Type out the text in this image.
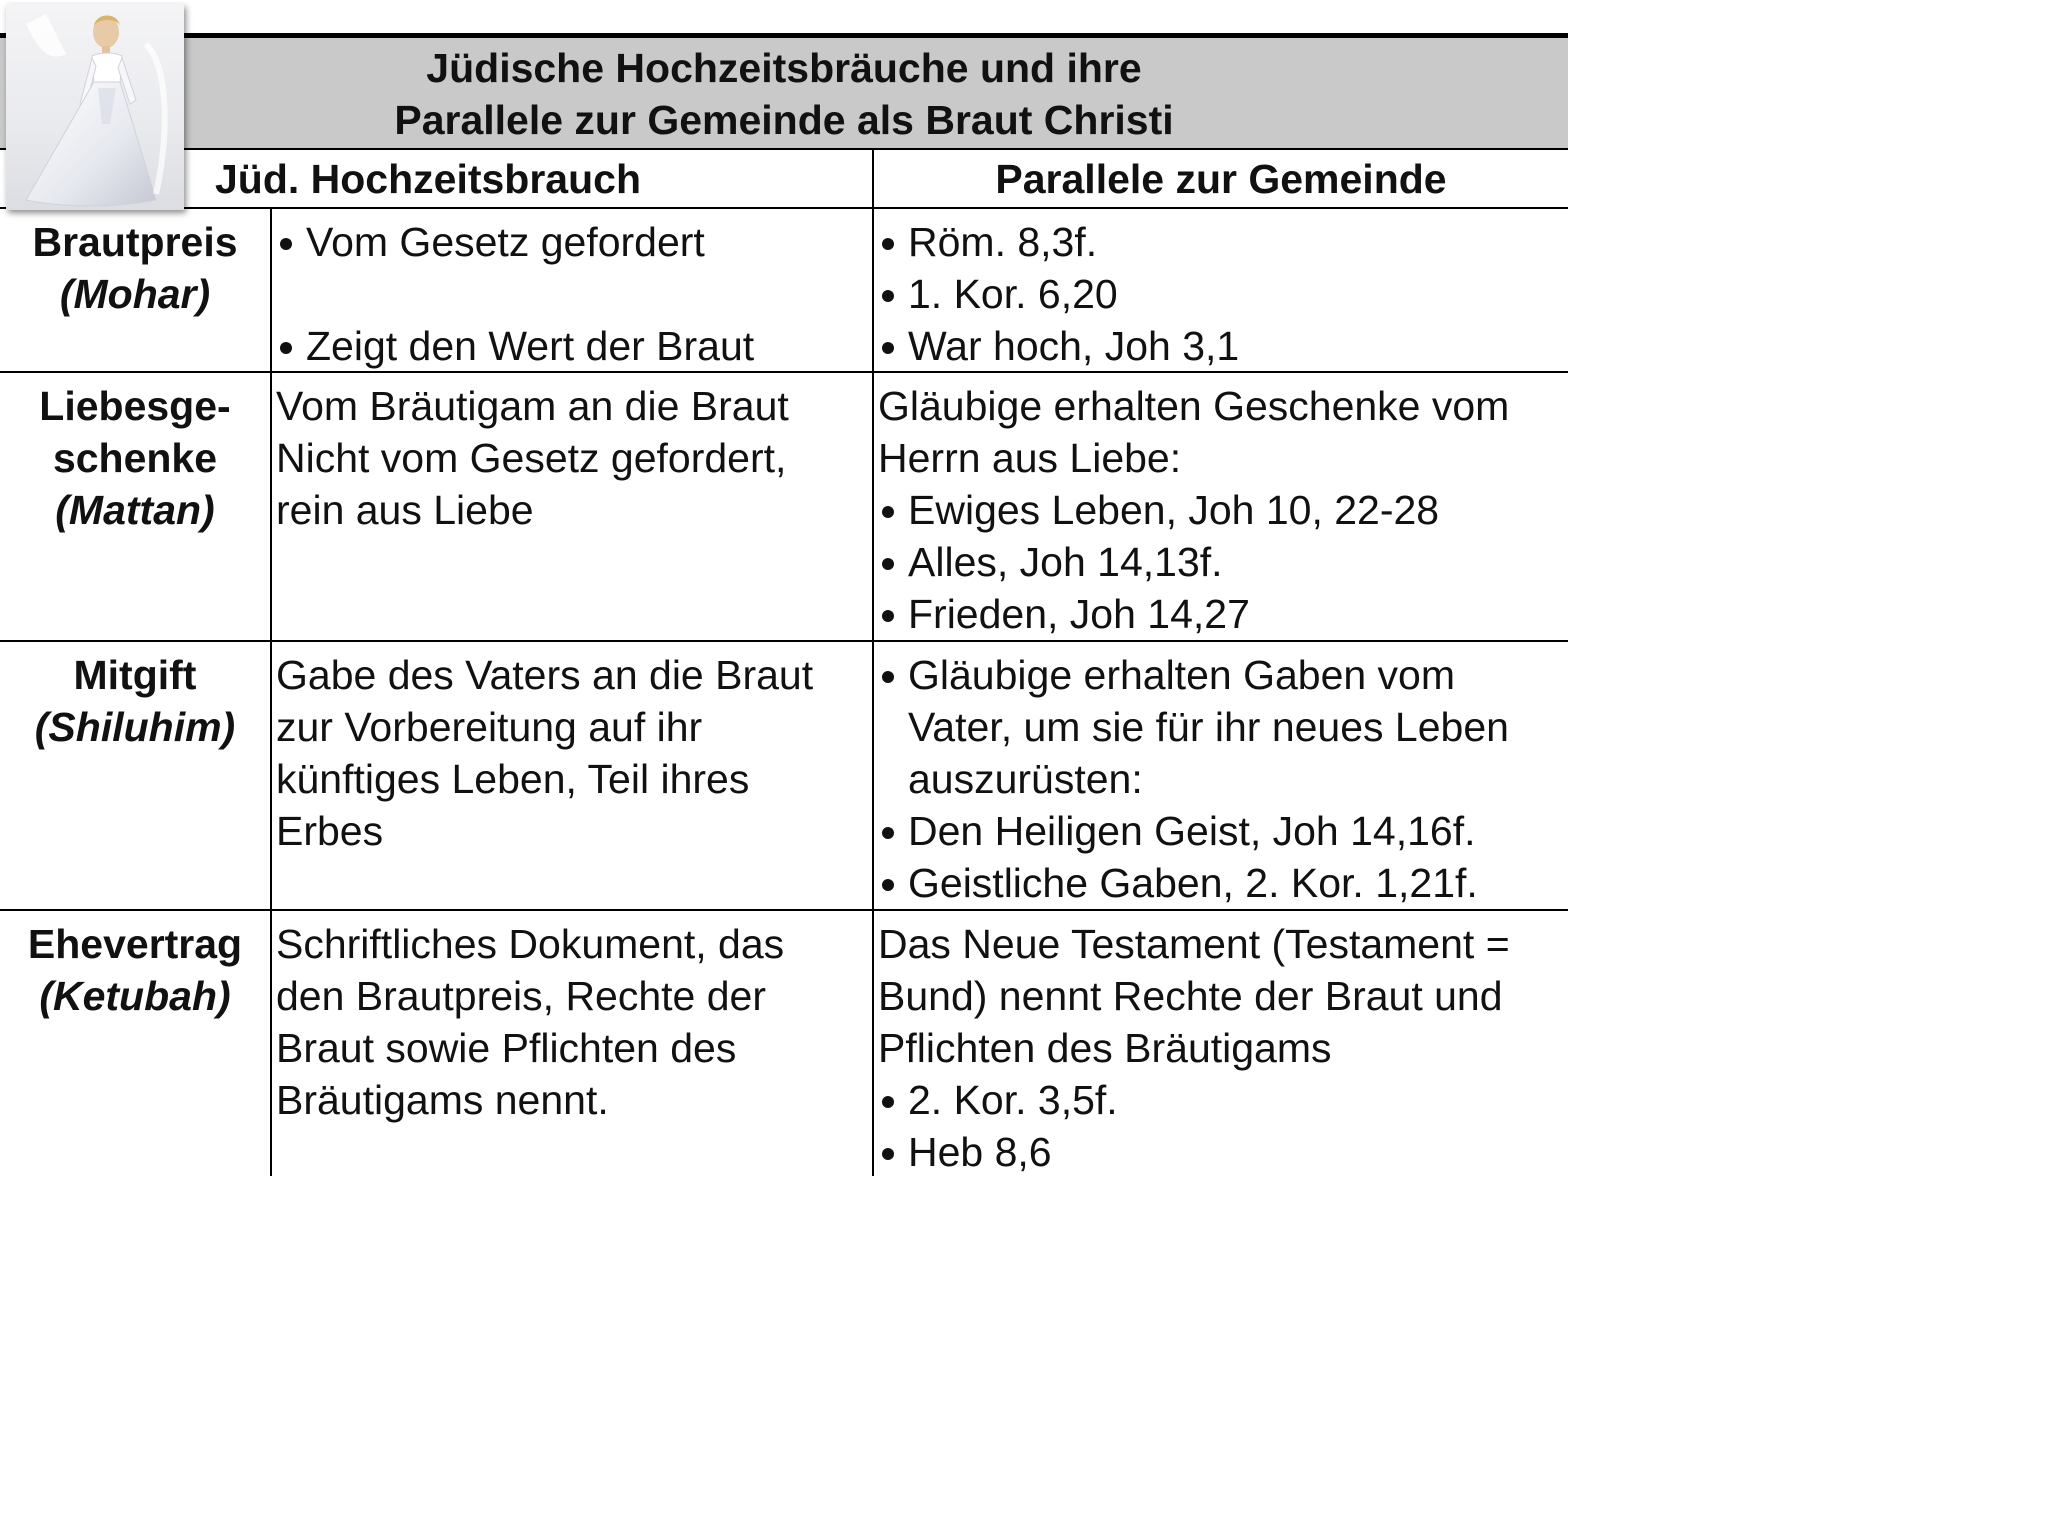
Jüdische Hochzeitsbräuche und ihre
Parallele zur Gemeinde als Braut Christi
Jüd. Hochzeitsbrauch	Parallele zur Gemeinde
Brautpreis
(Mohar)
Vom Gesetz gefordert
Zeigt den Wert der Braut
Röm. 8,3f.
1. Kor. 6,20
War hoch, Joh 3,1
Liebesge-
schenke
(Mattan)
Vom Bräutigam an die Braut
Nicht vom Gesetz gefordert,
rein aus Liebe
Gläubige erhalten Geschenke vom
Herrn aus Liebe:
Ewiges Leben, Joh 10, 22-28
Alles, Joh 14,13f.
Frieden, Joh 14,27
Mitgift
(Shiluhim)
Gabe des Vaters an die Braut
zur Vorbereitung auf ihr
künftiges Leben, Teil ihres
Erbes
Gläubige erhalten Gaben vom
Vater, um sie für ihr neues Leben
auszurüsten:
Den Heiligen Geist, Joh 14,16f.
Geistliche Gaben, 2. Kor. 1,21f.
Ehevertrag
(Ketubah)
Schriftliches Dokument, das
den Brautpreis, Rechte der
Braut sowie Pflichten des
Bräutigams nennt.
Das Neue Testament (Testament =
Bund) nennt Rechte der Braut und
Pflichten des Bräutigams
2. Kor. 3,5f.
Heb 8,6
